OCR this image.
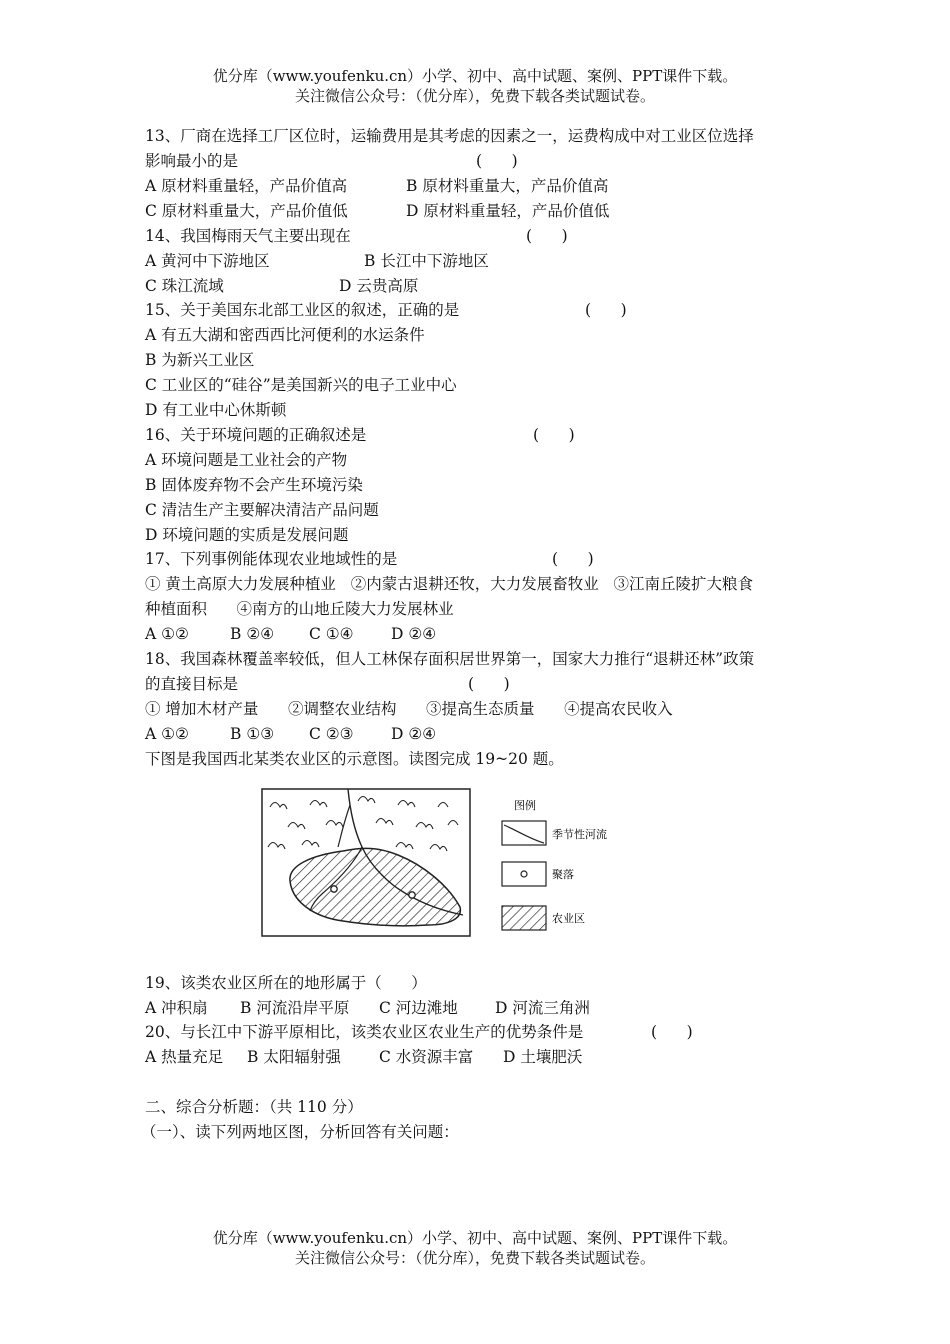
优分库（www.youfenku.cn）小学、初中、高中试题、案例、PPT课件下载。
关注微信公众号：（优分库），免费下载各类试题试卷。
13、厂商在选择工厂区位时，运输费用是其考虑的因素之一，运费构成中对工业区位选择
影响最小的是	(      )
A 原材料重量轻，产品价值高	B 原材料重量大，产品价值高
C 原材料重量大，产品价值低	D 原材料重量轻，产品价值低
14、我国梅雨天气主要出现在	(      )
A 黄河中下游地区	B 长江中下游地区
C 珠江流域	D 云贵高原
15、关于美国东北部工业区的叙述，正确的是	(      )
A 有五大湖和密西西比河便利的水运条件
B 为新兴工业区
C 工业区的“硅谷”是美国新兴的电子工业中心
D 有工业中心休斯顿
16、关于环境问题的正确叙述是	(      )
A 环境问题是工业社会的产物
B 固体废弃物不会产生环境污染
C 清洁生产主要解决清洁产品问题
D 环境问题的实质是发展问题
17、下列事例能体现农业地域性的是	(      )
① 黄土高原大力发展种植业   ②内蒙古退耕还牧，大力发展畜牧业   ③江南丘陵扩大粮食
种植面积      ④南方的山地丘陵大力发展林业
A ①②	B ②④ C ①④ D ②④
18、我国森林覆盖率较低，但人工林保存面积居世界第一，国家大力推行“退耕还林”政策
的直接目标是	(      )
① 增加木材产量      ②调整农业结构      ③提高生态质量      ④提高农民收入
A ①②	B ①③ C ②③ D ②④
下图是我国西北某类农业区的示意图。读图完成 19~20 题。
图例
季节性河流
聚落
农业区
19、该类农业区所在的地形属于（      ）
A 冲积扇 B 河流沿岸平原 C 河边滩地 D 河流三角洲
20、与长江中下游平原相比，该类农业区农业生产的优势条件是	(      )
A 热量充足 B 太阳辐射强 C 水资源丰富 D 土壤肥沃
二、综合分析题：（共 110 分）
（一）、读下列两地区图，分析回答有关问题：
优分库（www.youfenku.cn）小学、初中、高中试题、案例、PPT课件下载。
关注微信公众号：（优分库），免费下载各类试题试卷。
